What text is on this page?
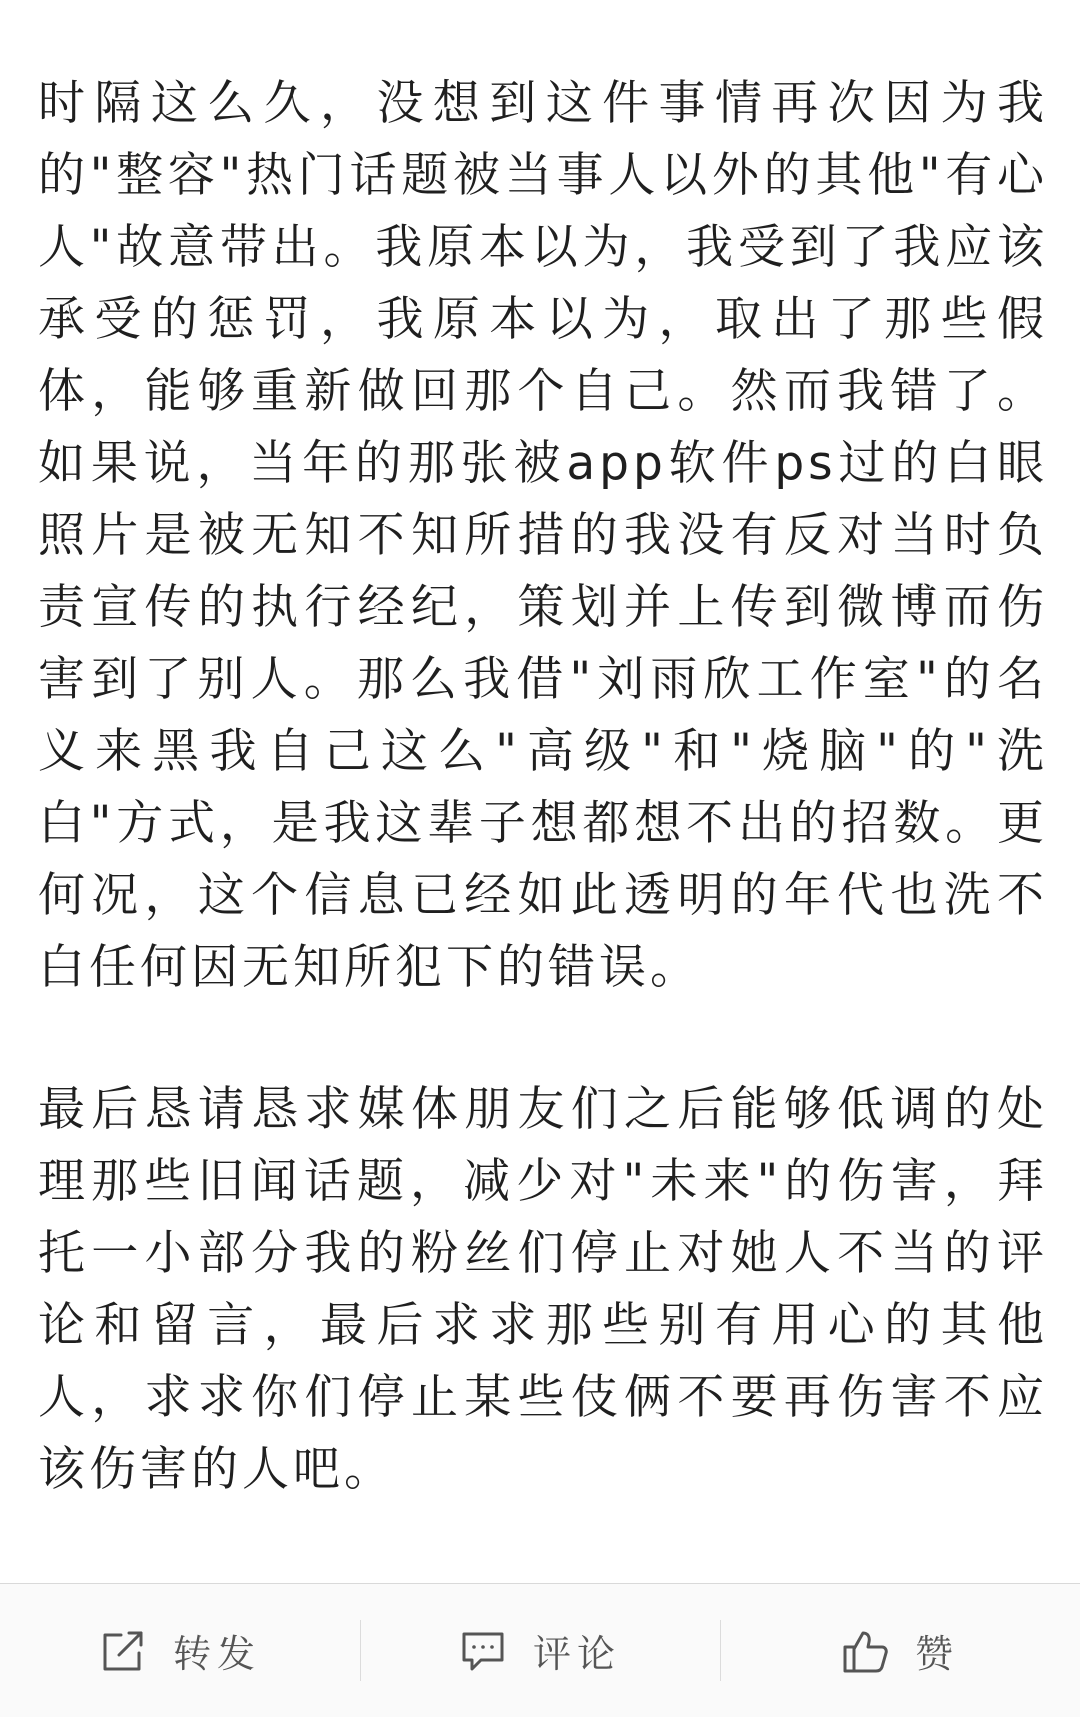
时隔这么久，没想到这件事情再次因为我的"整容"热门话题被当事人以外的其他"有心人"故意带出。我原本以为，我受到了我应该承受的惩罚，我原本以为，取出了那些假体，能够重新做回那个自己。然而我错了。如果说，当年的那张被app软件ps过的白眼照片是被无知不知所措的我没有反对当时负责宣传的执行经纪，策划并上传到微博而伤害到了别人。那么我借"刘雨欣工作室"的名义来黑我自己这么"高级"和"烧脑"的"洗白"方式，是我这辈子想都想不出的招数。更何况，这个信息已经如此透明的年代也洗不白任何因无知所犯下的错误。

最后恳请恳求媒体朋友们之后能够低调的处理那些旧闻话题，减少对"未来"的伤害，拜托一小部分我的粉丝们停止对她人不当的评论和留言，最后求求那些别有用心的其他人，求求你们停止某些伎俩不要再伤害不应该伤害的人吧。

转发	评论	赞
